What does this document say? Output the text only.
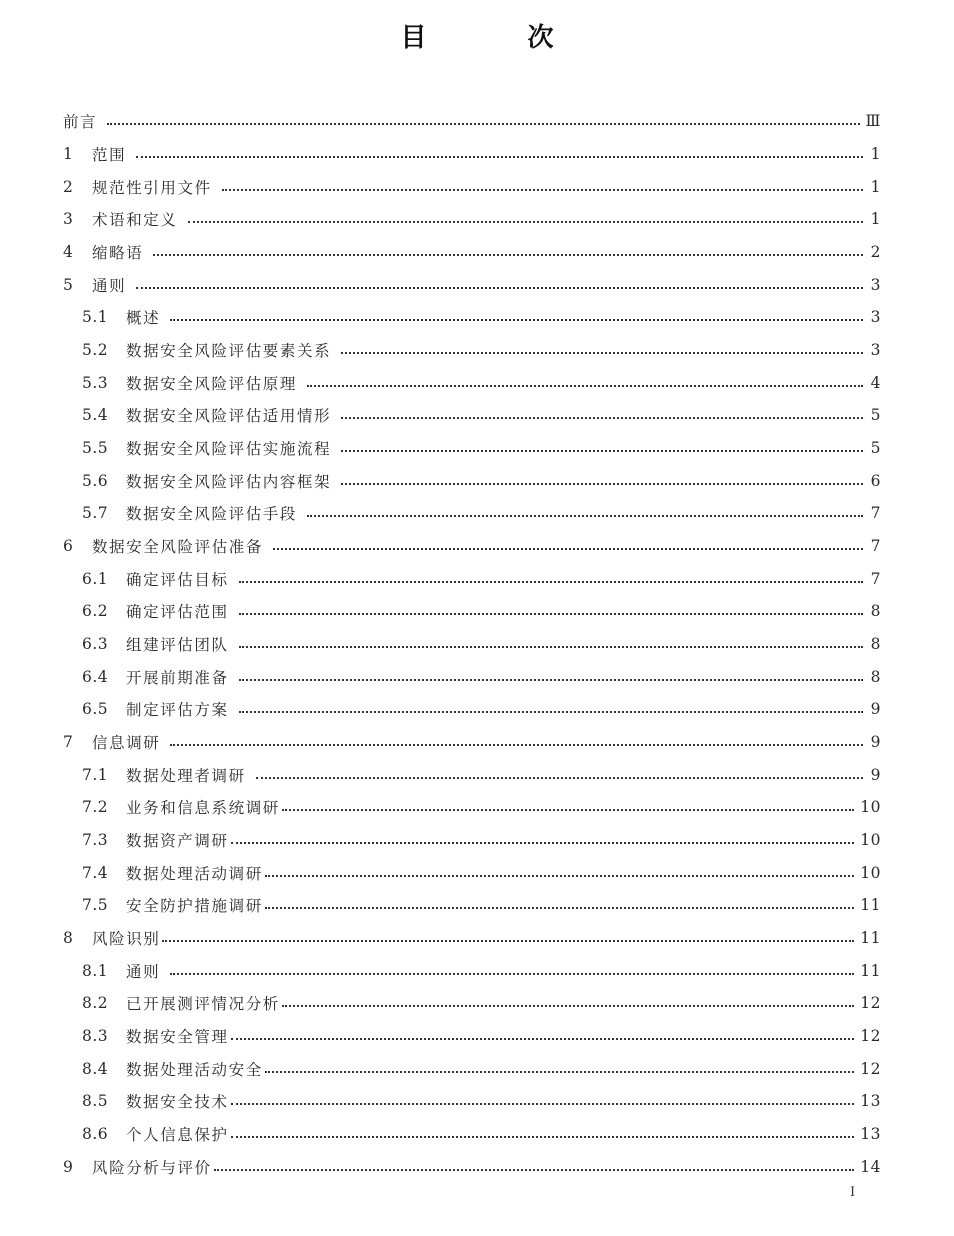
目 次
前言	Ⅲ
1	范围	1
2	规范性引用文件	1
3	术语和定义	1
4	缩略语	2
5	通则	3
5.1	概述	3
5.2	数据安全风险评估要素关系	3
5.3	数据安全风险评估原理	4
5.4	数据安全风险评估适用情形	5
5.5	数据安全风险评估实施流程	5
5.6	数据安全风险评估内容框架	6
5.7	数据安全风险评估手段	7
6	数据安全风险评估准备	7
6.1	确定评估目标	7
6.2	确定评估范围	8
6.3	组建评估团队	8
6.4	开展前期准备	8
6.5	制定评估方案	9
7	信息调研	9
7.1	数据处理者调研	9
7.2	业务和信息系统调研	10
7.3	数据资产调研	10
7.4	数据处理活动调研	10
7.5	安全防护措施调研	11
8	风险识别	11
8.1	通则	11
8.2	已开展测评情况分析	12
8.3	数据安全管理	12
8.4	数据处理活动安全	12
8.5	数据安全技术	13
8.6	个人信息保护	13
9	风险分析与评价	14
I
